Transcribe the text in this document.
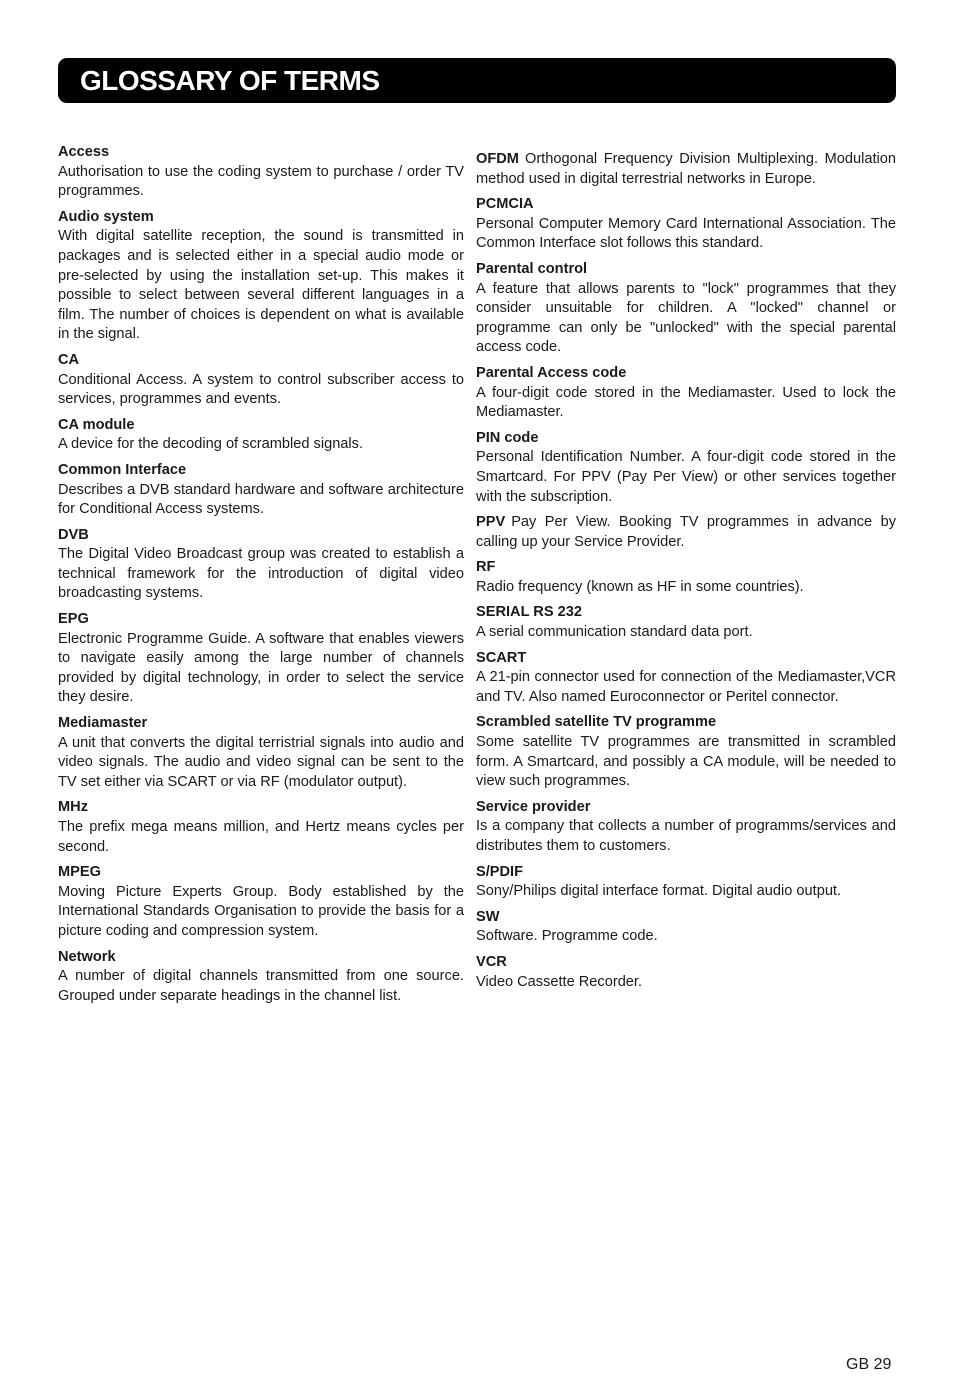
GLOSSARY OF TERMS
Access
Authorisation to use the coding system to purchase / order TV programmes.
Audio system
With digital satellite reception, the sound is transmitted in packages and is selected either in a special audio mode or pre-selected by using the installation set-up. This makes it possible to select between several different languages in a film. The number of choices is dependent on what is available in the signal.
CA
Conditional Access. A system to control subscriber access to services, programmes and events.
CA module
A device for the decoding of scrambled signals.
Common Interface
Describes a DVB standard hardware and software architecture for Conditional Access systems.
DVB
The Digital Video Broadcast group was created to establish a technical framework for the introduction of digital video broadcasting systems.
EPG
Electronic Programme Guide. A software that enables viewers to navigate easily among the large number of channels provided by digital technology, in order to select the service they desire.
Mediamaster
A unit that converts the digital terristrial signals into audio and video signals. The audio and video signal can be sent to the TV set either via SCART or via RF (modulator output).
MHz
The prefix mega means million, and Hertz means cycles per second.
MPEG
Moving Picture Experts Group. Body established by the International Standards Organisation to provide the basis for a picture coding and compression system.
Network
A number of digital channels transmitted from one source. Grouped under separate headings in the channel list.
OFDM Orthogonal Frequency Division Multiplexing. Modulation method used in digital terrestrial networks in Europe.
PCMCIA
Personal Computer Memory Card International Association. The Common Interface slot follows this standard.
Parental control
A feature that allows parents to "lock" programmes that they consider unsuitable for children. A "locked" channel or programme can only be "unlocked" with the special parental access code.
Parental Access code
A four-digit code stored in the Mediamaster. Used to lock the Mediamaster.
PIN code
Personal Identification Number. A four-digit code stored in the Smartcard. For PPV (Pay Per View) or other services together with the subscription.
PPV Pay Per View. Booking TV programmes in advance by calling up your Service Provider.
RF
Radio frequency (known as HF in some countries).
SERIAL RS 232
A serial communication standard data port.
SCART
A 21-pin connector used for connection of the Mediamaster,VCR and TV. Also named Euroconnector or Peritel connector.
Scrambled satellite TV programme
Some satellite TV programmes are transmitted in scrambled form. A Smartcard, and possibly a CA module, will be needed to view such programmes.
Service provider
Is a company that collects a number of programms/services and distributes them to customers.
S/PDIF
Sony/Philips digital interface format. Digital audio output.
SW
Software. Programme code.
VCR
Video Cassette Recorder.
GB 29
